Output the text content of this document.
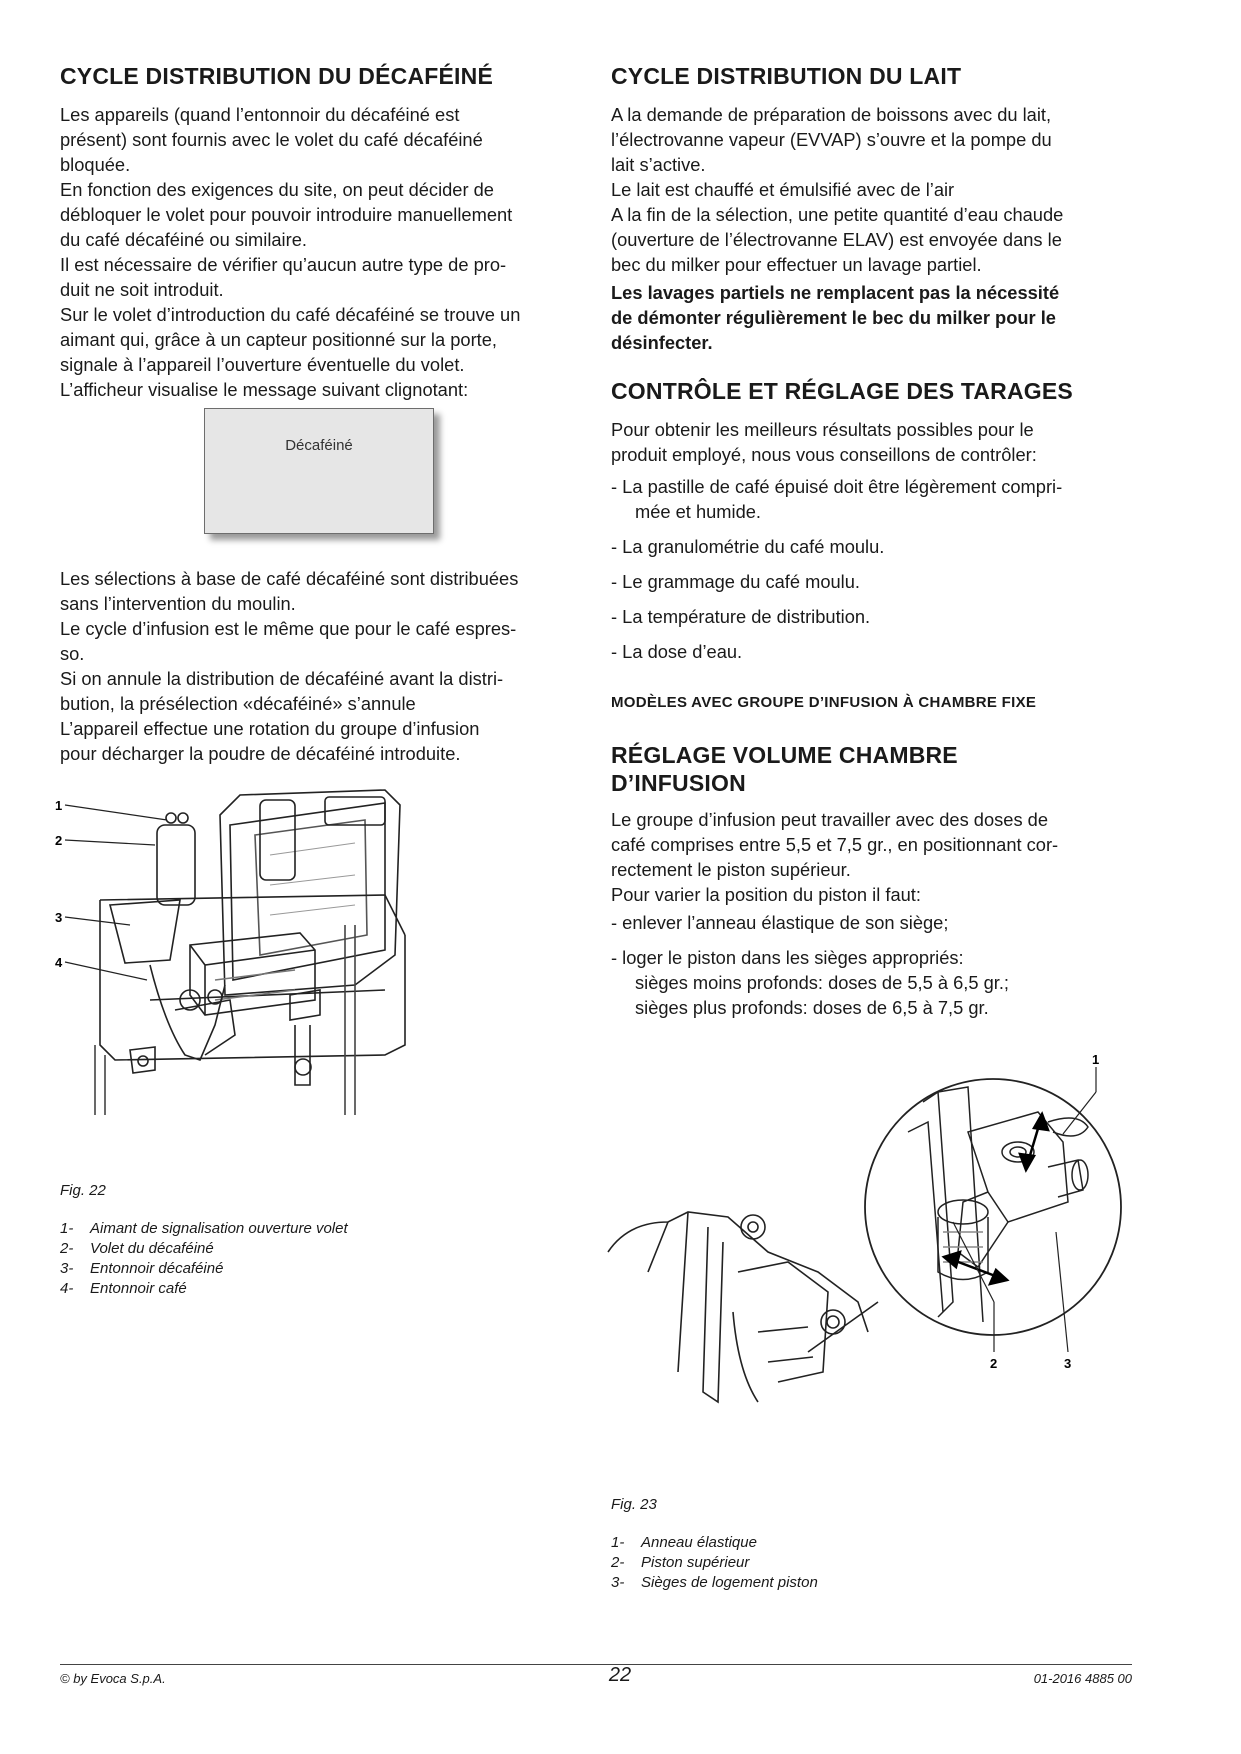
CYCLE DISTRIBUTION DU DÉCAFÉINÉ

Les appareils (quand l’entonnoir du décaféiné est
présent) sont fournis avec le volet du café décaféiné
bloquée.
En fonction des exigences du site, on peut décider de
débloquer le volet pour pouvoir introduire manuellement
du café décaféiné ou similaire.
Il est nécessaire de vérifier qu’aucun autre type de pro-
duit ne soit introduit.
Sur le volet d’introduction du café décaféiné se trouve un
aimant qui, grâce à un capteur positionné sur la porte,
signale à l’appareil l’ouverture éventuelle du volet.
L’afficheur visualise le message suivant clignotant:

Décaféiné

Les sélections à base de café décaféiné sont distribuées
sans l’intervention du moulin.
Le cycle d’infusion est le même que pour le café espres-
so.
Si on annule la distribution de décaféiné avant la distri-
bution, la présélection «décaféiné» s’annule
L’appareil effectue une rotation du groupe d’infusion
pour décharger la poudre de décaféiné introduite.

1
2
3
4

Fig. 22

1- Aimant de signalisation ouverture volet
2- Volet du décaféiné
3- Entonnoir décaféiné
4- Entonnoir café
CYCLE DISTRIBUTION DU LAIT

A la demande de préparation de boissons avec du lait,
l’électrovanne vapeur (EVVAP) s’ouvre et la pompe du
lait s’active.
Le lait est chauffé et émulsifié avec de l’air
A la fin de la sélection, une petite quantité d’eau chaude
(ouverture de l’électrovanne ELAV) est envoyée dans le
bec du milker pour effectuer un lavage partiel.

Les lavages partiels ne remplacent pas la nécessité
de démonter régulièrement le bec du milker pour le
désinfecter.

CONTRÔLE ET RÉGLAGE DES TARAGES

Pour obtenir les meilleurs résultats possibles pour le
produit employé, nous vous conseillons de contrôler:

- La pastille de café épuisé doit être légèrement compri-
mée et humide.

- La granulométrie du café moulu.

- Le grammage du café moulu.

- La température de distribution.

- La dose d’eau.

MODÈLES AVEC GROUPE D’INFUSION À CHAMBRE FIXE

RÉGLAGE VOLUME CHAMBRE
D’INFUSION

Le groupe d’infusion peut travailler avec des doses de
café comprises entre 5,5 et 7,5 gr., en positionnant cor-
rectement le piston supérieur.
Pour varier la position du piston il faut:

- enlever l’anneau élastique de son siège;

- loger le piston dans les sièges appropriés:
sièges moins profonds: doses de 5,5 à 6,5 gr.;
sièges plus profonds: doses de 6,5 à 7,5 gr.

1
2	3

Fig. 23

1- Anneau élastique
2- Piston supérieur
3- Sièges de logement piston
© by Evoca S.p.A.	22	01-2016 4885 00
